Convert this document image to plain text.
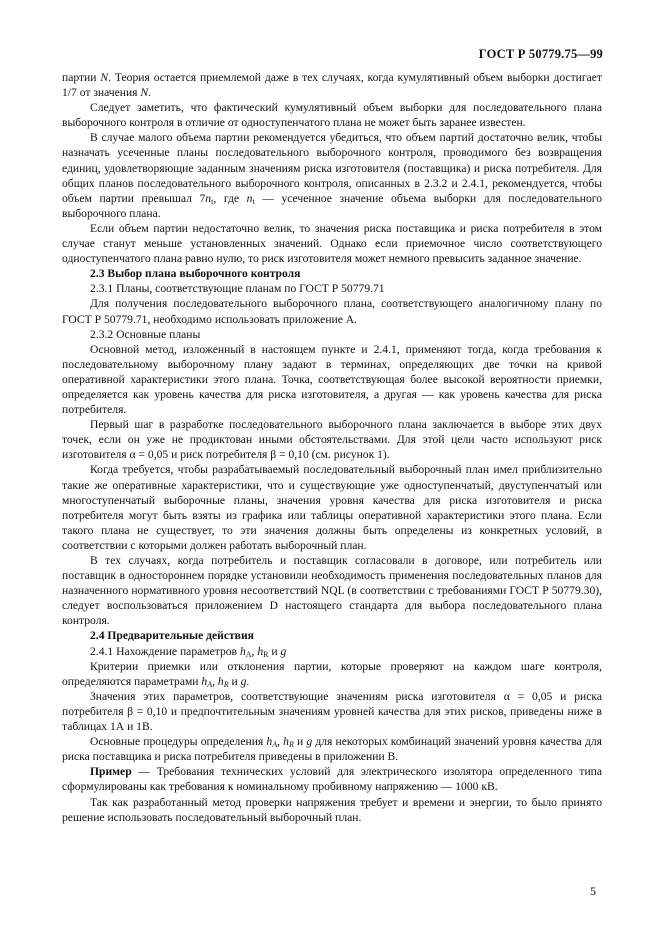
ГОСТ Р 50779.75—99

партии N. Теория остается приемлемой даже в тех случаях, когда кумулятивный объем выборки достигает 1/7 от значения N.

Следует заметить, что фактический кумулятивный объем выборки для последовательного плана выборочного контроля в отличие от одноступенчатого плана не может быть заранее известен.

В случае малого объема партии рекомендуется убедиться, что объем партий достаточно велик, чтобы назначать усеченные планы последовательного выборочного контроля, проводимого без возвращения единиц, удовлетворяющие заданным значениям риска изготовителя (поставщика) и риска потребителя. Для общих планов последовательного выборочного контроля, описанных в 2.3.2 и 2.4.1, рекомендуется, чтобы объем партии превышал $7n_t$, где $n_t$ — усеченное значение объема выборки для последовательного выборочного плана.

Если объем партии недостаточно велик, то значения риска поставщика и риска потребителя в этом случае станут меньше установленных значений. Однако если приемочное число соответствующего одноступенчатого плана равно нулю, то риск изготовителя может немного превысить заданное значение.

2.3 Выбор плана выборочного контроля

2.3.1 Планы, соответствующие планам по ГОСТ Р 50779.71

Для получения последовательного выборочного плана, соответствующего аналогичному плану по ГОСТ Р 50779.71, необходимо использовать приложение А.

2.3.2 Основные планы

Основной метод, изложенный в настоящем пункте и 2.4.1, применяют тогда, когда требования к последовательному выборочному плану задают в терминах, определяющих две точки на кривой оперативной характеристики этого плана. Точка, соответствующая более высокой вероятности приемки, определяется как уровень качества для риска изготовителя, а другая — как уровень качества для риска потребителя.

Первый шаг в разработке последовательного выборочного плана заключается в выборе этих двух точек, если он уже не продиктован иными обстоятельствами. Для этой цели часто используют риск изготовителя α = 0,05 и риск потребителя β = 0,10 (см. рисунок 1).

Когда требуется, чтобы разрабатываемый последовательный выборочный план имел приблизительно такие же оперативные характеристики, что и существующие уже одноступенчатый, двуступенчатый или многоступенчатый выборочные планы, значения уровня качества для риска изготовителя и риска потребителя могут быть взяты из графика или таблицы оперативной характеристики этого плана. Если такого плана не существует, то эти значения должны быть определены из конкретных условий, в соответствии с которыми должен работать выборочный план.

В тех случаях, когда потребитель и поставщик согласовали в договоре, или потребитель или поставщик в одностороннем порядке установили необходимость применения последовательных планов для назначенного нормативного уровня несоответствий NQL (в соответствии с требованиями ГОСТ Р 50779.30), следует воспользоваться приложением D настоящего стандарта для выбора последовательного плана контроля.

2.4 Предварительные действия

2.4.1 Нахождение параметров $h_A$, $h_R$ и g

Критерии приемки или отклонения партии, которые проверяют на каждом шаге контроля, определяются параметрами $h_A$, $h_R$ и g.

Значения этих параметров, соответствующие значениям риска изготовителя α = 0,05 и риска потребителя β = 0,10 и предпочтительным значениям уровней качества для этих рисков, приведены ниже в таблицах 1А и 1В.

Основные процедуры определения $h_A$, $h_R$ и g для некоторых комбинаций значений уровня качества для риска поставщика и риска потребителя приведены в приложении В.

Пример — Требования технических условий для электрического изолятора определенного типа сформулированы как требования к номинальному пробивному напряжению — 1000 кВ.

Так как разработанный метод проверки напряжения требует и времени и энергии, то было принято решение использовать последовательный выборочный план.

5
